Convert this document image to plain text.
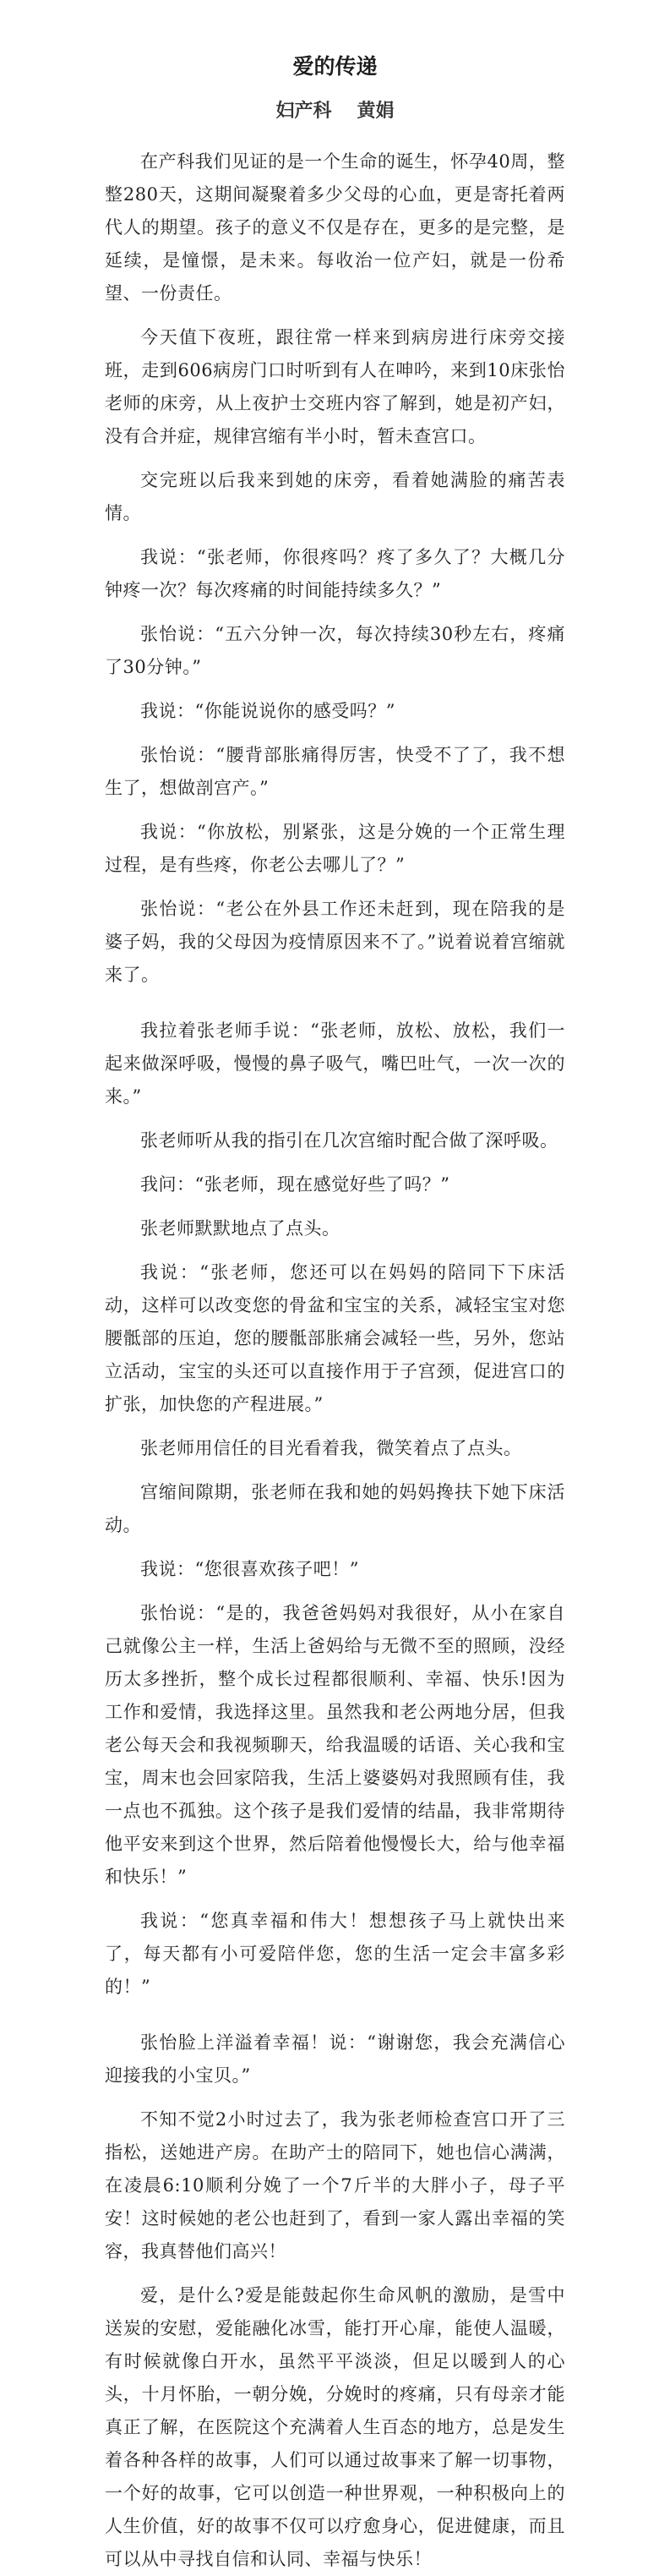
爱的传递
妇产科 黄娟

在产科我们见证的是一个生命的诞生，怀孕40周，整整280天，这期间凝聚着多少父母的心血，更是寄托着两代人的期望。孩子的意义不仅是存在，更多的是完整，是延续，是憧憬，是未来。每收治一位产妇，就是一份希望、一份责任。

今天值下夜班，跟往常一样来到病房进行床旁交接班，走到606病房门口时听到有人在呻吟，来到10床张怡老师的床旁，从上夜护士交班内容了解到，她是初产妇，没有合并症，规律宫缩有半小时，暂未查宫口。

交完班以后我来到她的床旁，看着她满脸的痛苦表情。

我说：“张老师，你很疼吗？疼了多久了？大概几分钟疼一次？每次疼痛的时间能持续多久？”

张怡说：“五六分钟一次，每次持续30秒左右，疼痛了30分钟。”

我说：“你能说说你的感受吗？”

张怡说：“腰背部胀痛得厉害，快受不了了，我不想生了，想做剖宫产。”

我说：“你放松，别紧张，这是分娩的一个正常生理过程，是有些疼，你老公去哪儿了？”

张怡说：“老公在外县工作还未赶到，现在陪我的是婆子妈，我的父母因为疫情原因来不了。”说着说着宫缩就来了。

我拉着张老师手说：“张老师，放松、放松，我们一起来做深呼吸，慢慢的鼻子吸气，嘴巴吐气，一次一次的来。”

张老师听从我的指引在几次宫缩时配合做了深呼吸。

我问：“张老师，现在感觉好些了吗？”

张老师默默地点了点头。

我说：“张老师，您还可以在妈妈的陪同下下床活动，这样可以改变您的骨盆和宝宝的关系，减轻宝宝对您腰骶部的压迫，您的腰骶部胀痛会减轻一些，另外，您站立活动，宝宝的头还可以直接作用于子宫颈，促进宫口的扩张，加快您的产程进展。”

张老师用信任的目光看着我，微笑着点了点头。

宫缩间隙期，张老师在我和她的妈妈搀扶下她下床活动。

我说：“您很喜欢孩子吧！”

张怡说：“是的，我爸爸妈妈对我很好，从小在家自己就像公主一样，生活上爸妈给与无微不至的照顾，没经历太多挫折，整个成长过程都很顺利、幸福、快乐!因为工作和爱情，我选择这里。虽然我和老公两地分居，但我老公每天会和我视频聊天，给我温暖的话语、关心我和宝宝，周末也会回家陪我，生活上婆婆妈对我照顾有佳，我一点也不孤独。这个孩子是我们爱情的结晶，我非常期待他平安来到这个世界，然后陪着他慢慢长大，给与他幸福和快乐！”

我说：“您真幸福和伟大！想想孩子马上就快出来了，每天都有小可爱陪伴您，您的生活一定会丰富多彩的！”

张怡脸上洋溢着幸福！说：“谢谢您，我会充满信心迎接我的小宝贝。”

不知不觉2小时过去了，我为张老师检查宫口开了三指松，送她进产房。在助产士的陪同下，她也信心满满，在凌晨6:10顺利分娩了一个7斤半的大胖小子，母子平安！这时候她的老公也赶到了，看到一家人露出幸福的笑容，我真替他们高兴！

爱，是什么?爱是能鼓起你生命风帆的激励，是雪中送炭的安慰，爱能融化冰雪，能打开心扉，能使人温暖，有时候就像白开水，虽然平平淡淡，但足以暖到人的心头，十月怀胎，一朝分娩，分娩时的疼痛，只有母亲才能真正了解，在医院这个充满着人生百态的地方，总是发生着各种各样的故事，人们可以通过故事来了解一切事物，一个好的故事，它可以创造一种世界观，一种积极向上的人生价值，好的故事不仅可以疗愈身心，促进健康，而且可以从中寻找自信和认同、幸福与快乐！
